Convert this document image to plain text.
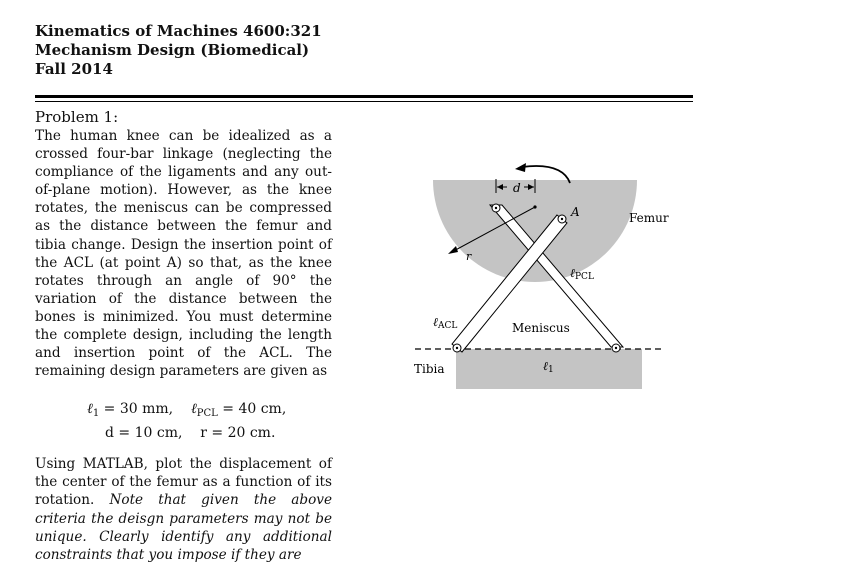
Kinematics of Machines 4600:321
Mechanism Design (Biomedical)
Fall 2014
Problem 1:
The human knee can be idealized as a crossed four-bar linkage (neglecting the compliance of the ligaments and any out-of-plane motion). However, as the knee rotates, the meniscus can be compressed as the distance between the femur and tibia change. Design the insertion point of the ACL (at point A) so that, as the knee rotates through an angle of 90° the variation of the distance between the bones is minimized. You must determine the complete design, including the length and insertion point of the ACL. The remaining design parameters are given as
ℓ$_1$ = 30 mm, ℓ$_{PCL}$ = 40 cm,
d = 10 cm, r = 20 cm.
Using MATLAB, plot the displacement of the center of the femur as a function of its rotation. Note that given the above criteria the deisgn parameters may not be unique. Clearly identify any additional constraints that you impose if they are
d
A	Femur
r
ℓPCL
ℓACL	Meniscus
Tibia	ℓ1
